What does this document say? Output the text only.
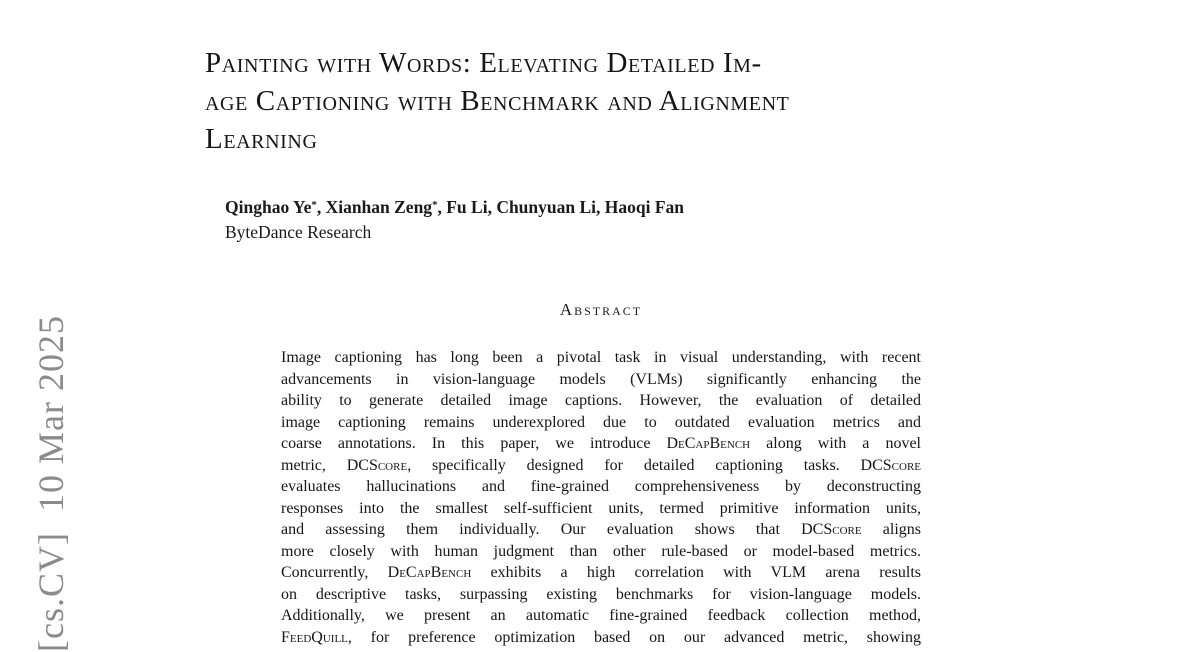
[cs.CV]  10 Mar 2025
Painting with Words: Elevating Detailed Im-
age Captioning with Benchmark and Alignment
Learning
Qinghao Ye*, Xianhan Zeng*, Fu Li, Chunyuan Li, Haoqi Fan
ByteDance Research
Abstract
Image captioning has long been a pivotal task in visual understanding, with recent
advancements in vision-language models (VLMs) significantly enhancing the
ability to generate detailed image captions. However, the evaluation of detailed
image captioning remains underexplored due to outdated evaluation metrics and
coarse annotations. In this paper, we introduce DeCapBench along with a novel
metric, DCScore, specifically designed for detailed captioning tasks. DCScore
evaluates hallucinations and fine-grained comprehensiveness by deconstructing
responses into the smallest self-sufficient units, termed primitive information units,
and assessing them individually. Our evaluation shows that DCScore aligns
more closely with human judgment than other rule-based or model-based metrics.
Concurrently, DeCapBench exhibits a high correlation with VLM arena results
on descriptive tasks, surpassing existing benchmarks for vision-language models.
Additionally, we present an automatic fine-grained feedback collection method,
FeedQuill, for preference optimization based on our advanced metric, showing
